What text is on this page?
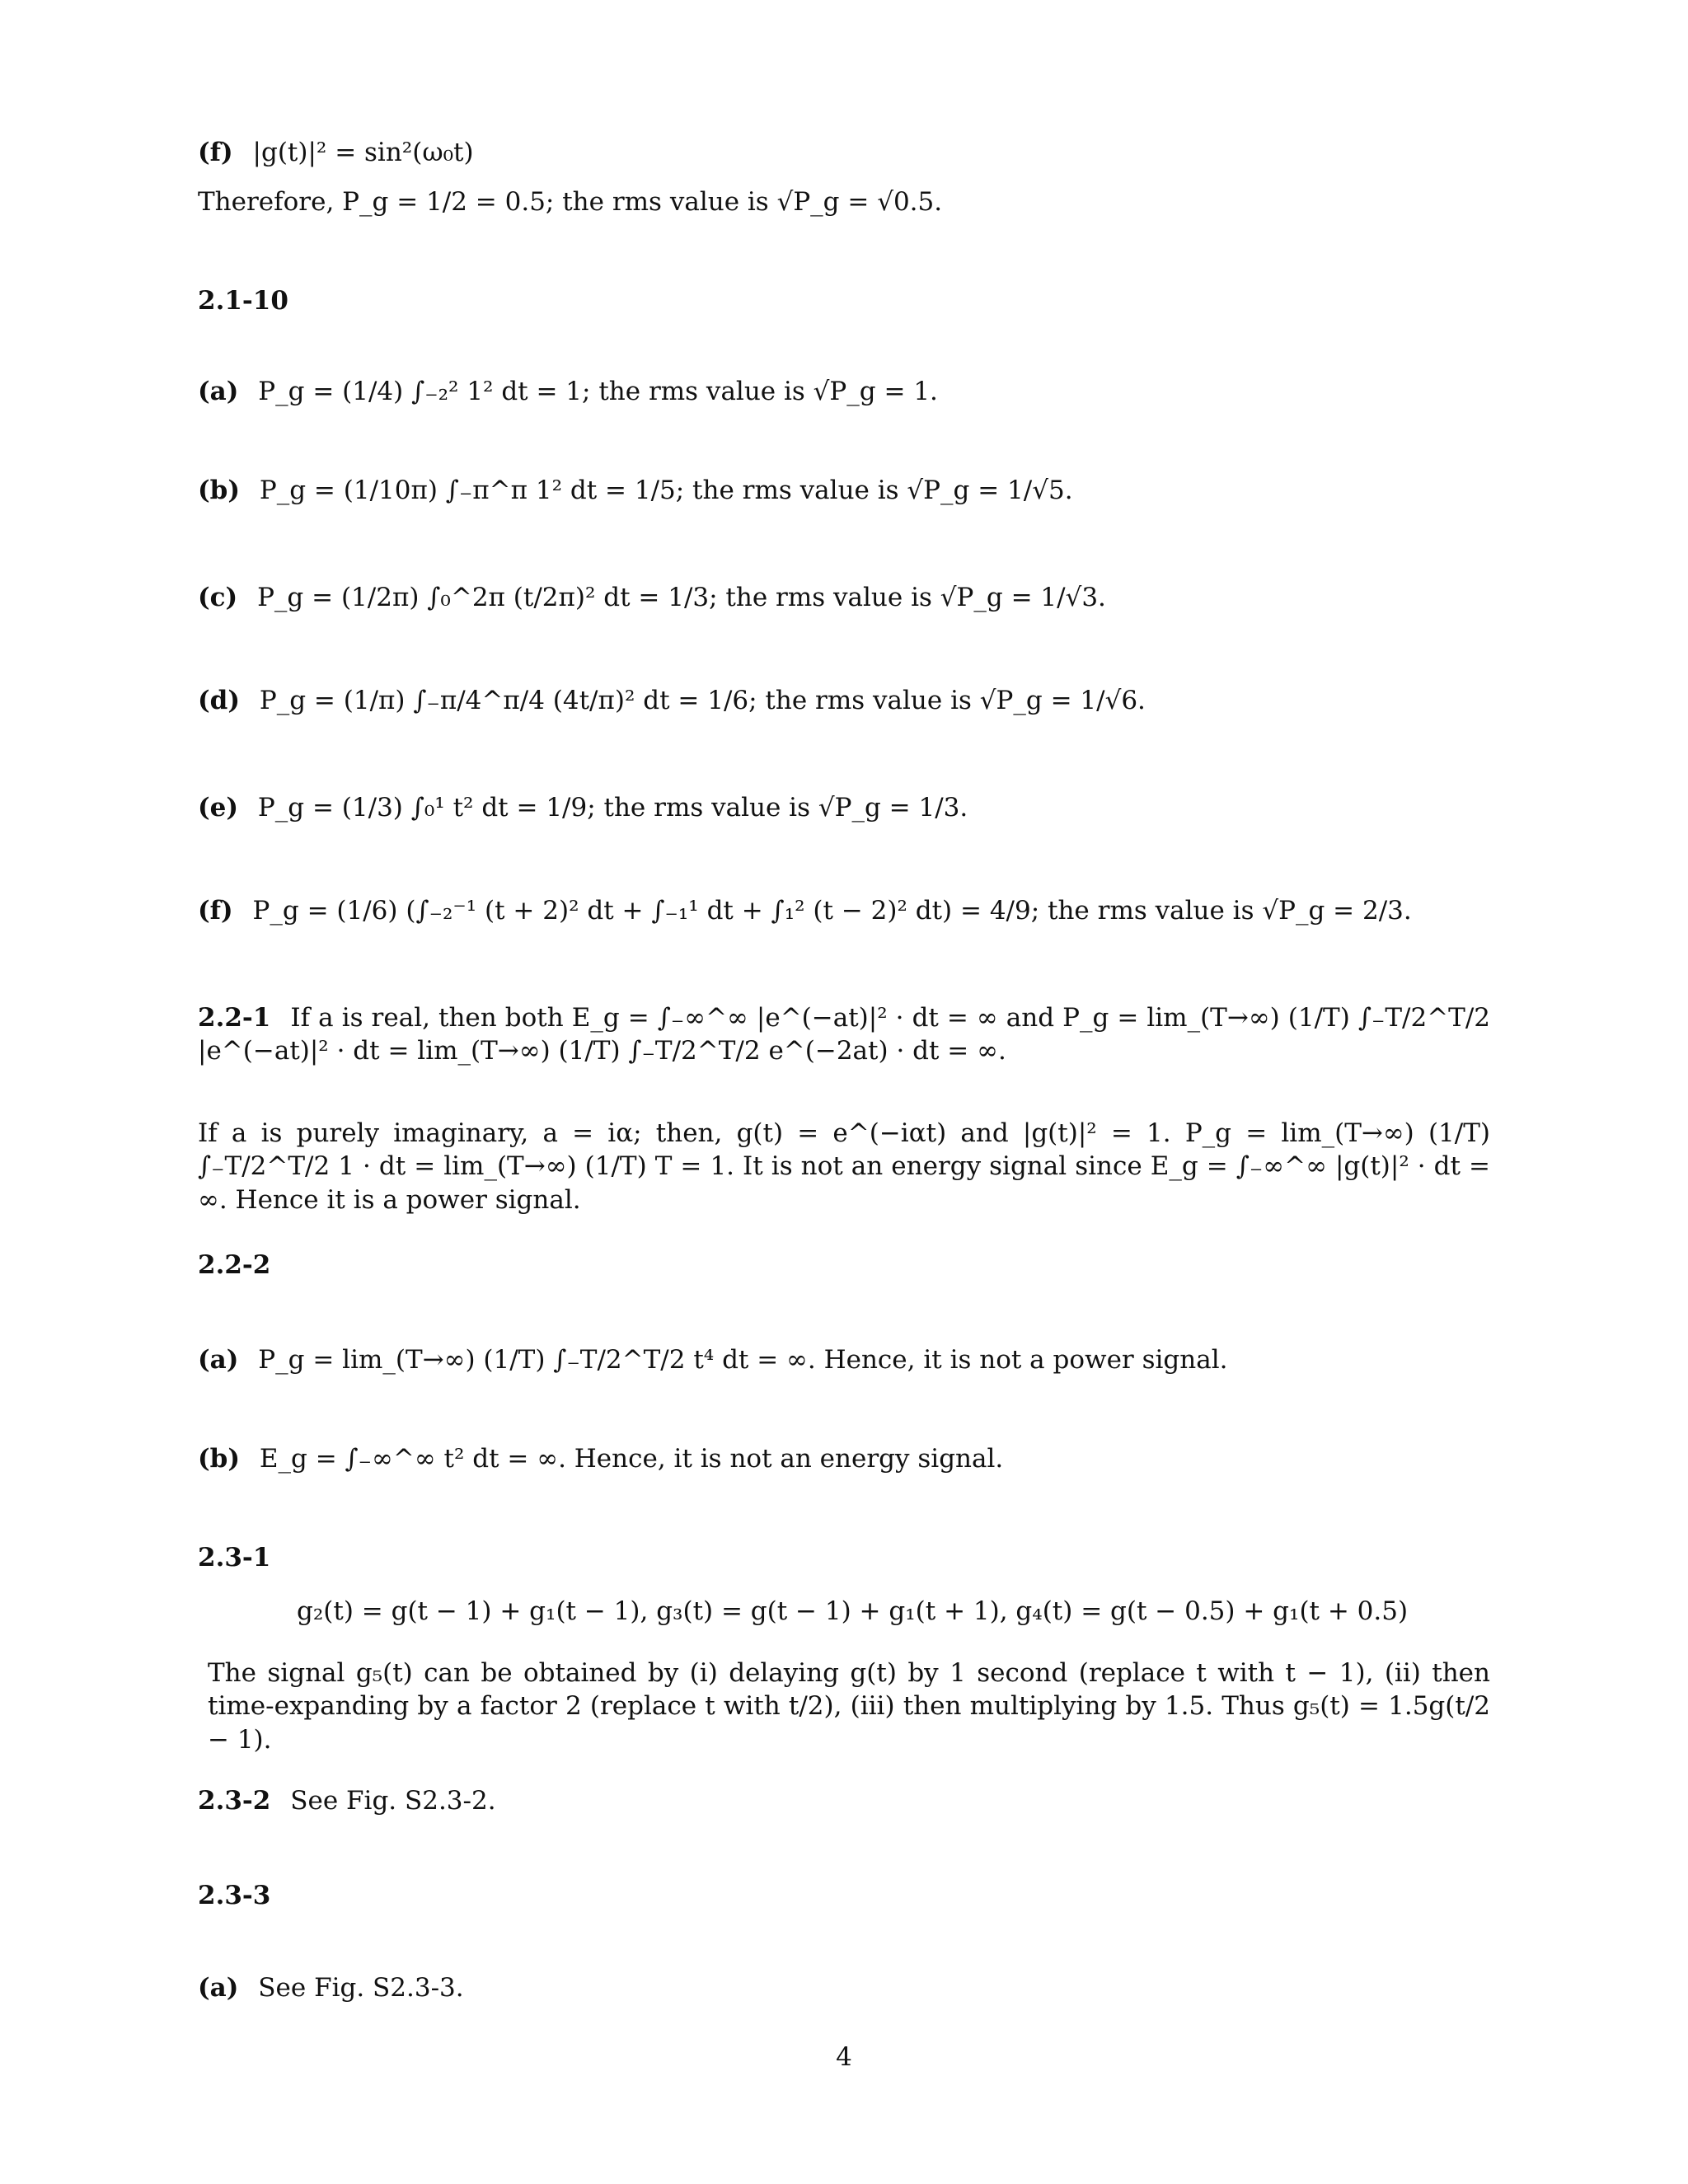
(f) |g(t)|² = sin²(ω₀t)
Therefore, P_g = 1/2 = 0.5; the rms value is √P_g = √0.5.
2.1-10
(a) P_g = (1/4) ∫₋₂² 1² dt = 1; the rms value is √P_g = 1.
(b) P_g = (1/10π) ∫₋π^π 1² dt = 1/5; the rms value is √P_g = 1/√5.
(c) P_g = (1/2π) ∫₀^2π (t/2π)² dt = 1/3; the rms value is √P_g = 1/√3.
(d) P_g = (1/π) ∫₋π/4^π/4 (4t/π)² dt = 1/6; the rms value is √P_g = 1/√6.
(e) P_g = (1/3) ∫₀¹ t² dt = 1/9; the rms value is √P_g = 1/3.
(f) P_g = (1/6) (∫₋₂⁻¹ (t + 2)² dt + ∫₋₁¹ dt + ∫₁² (t − 2)² dt) = 4/9; the rms value is √P_g = 2/3.
2.2-1 If a is real, then both E_g = ∫₋∞^∞ |e^(−at)|² · dt = ∞ and P_g = lim_(T→∞) (1/T) ∫₋T/2^T/2 |e^(−at)|² · dt = lim_(T→∞) (1/T) ∫₋T/2^T/2 e^(−2at) · dt = ∞.
If a is purely imaginary, a = iα; then, g(t) = e^(−iαt) and |g(t)|² = 1. P_g = lim_(T→∞) (1/T) ∫₋T/2^T/2 1 · dt = lim_(T→∞) (1/T) T = 1. It is not an energy signal since E_g = ∫₋∞^∞ |g(t)|² · dt = ∞. Hence it is a power signal.
2.2-2
(a) P_g = lim_(T→∞) (1/T) ∫₋T/2^T/2 t⁴ dt = ∞. Hence, it is not a power signal.
(b) E_g = ∫₋∞^∞ t² dt = ∞. Hence, it is not an energy signal.
2.3-1
g₂(t) = g(t − 1) + g₁(t − 1), g₃(t) = g(t − 1) + g₁(t + 1), g₄(t) = g(t − 0.5) + g₁(t + 0.5)
The signal g₅(t) can be obtained by (i) delaying g(t) by 1 second (replace t with t − 1), (ii) then time-expanding by a factor 2 (replace t with t/2), (iii) then multiplying by 1.5. Thus g₅(t) = 1.5g(t/2 − 1).
2.3-2 See Fig. S2.3-2.
2.3-3
(a) See Fig. S2.3-3.
4
